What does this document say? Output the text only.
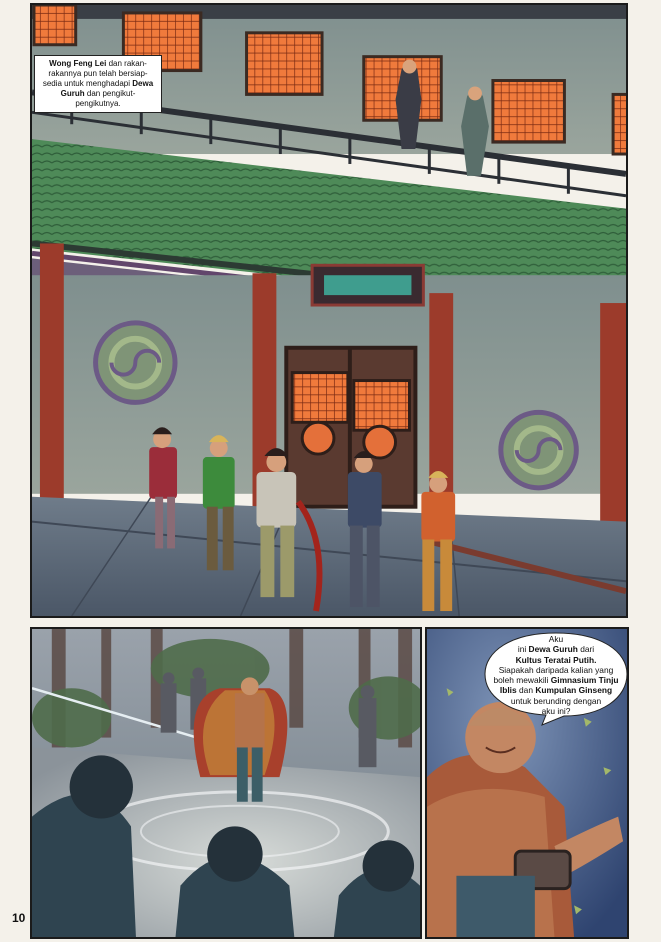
Wong Feng Lei dan rakan-rakannya pun telah bersiap-sedia untuk menghadapi Dewa Guruh dan pengikut-pengikutnya.
Aku
ini Dewa Guruh dari
Kultus Teratai Putih.
Siapakah daripada kalian yang
boleh mewakili Gimnasium Tinju
Iblis dan Kumpulan Ginseng
untuk berunding dengan
aku ini?
10
